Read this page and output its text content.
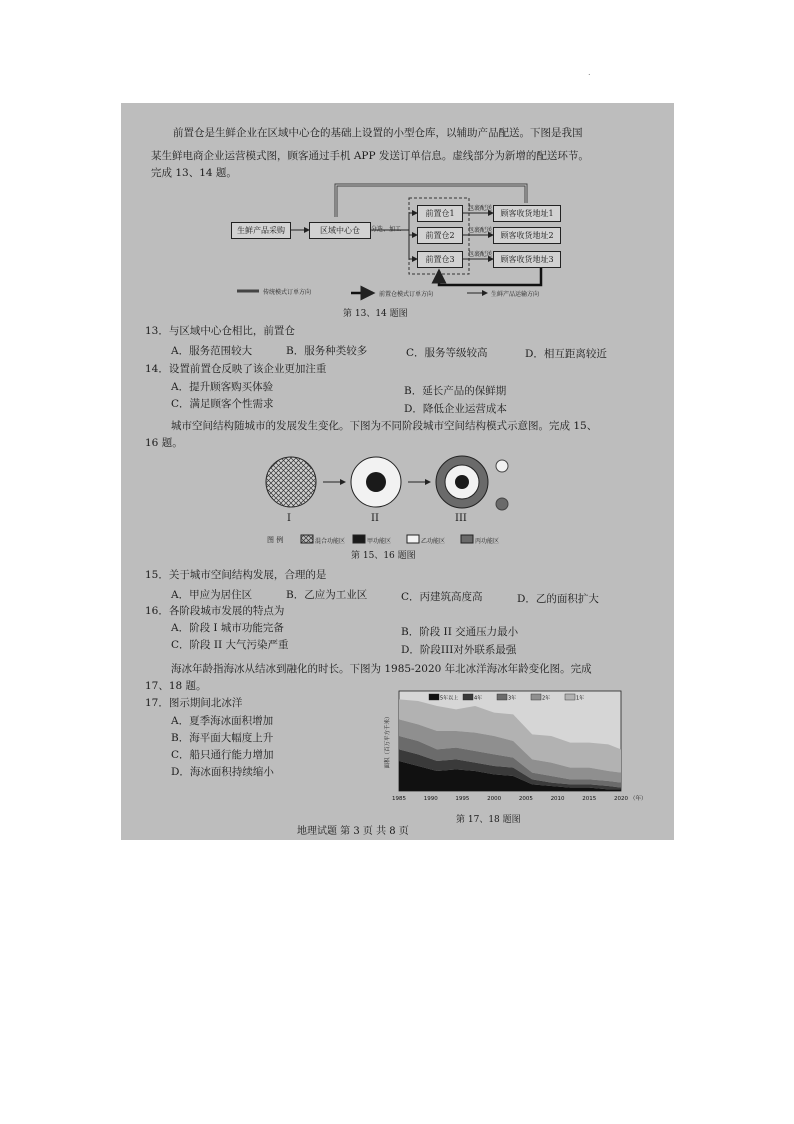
.
前置仓是生鲜企业在区域中心仓的基础上设置的小型仓库，以辅助产品配送。下图是我国
某生鲜电商企业运营模式图，顾客通过手机 APP 发送订单信息。虚线部分为新增的配送环节。
完成 13、14 题。
生鲜产品采购	区域中心仓	分选、加工
前置仓1
前置仓2
前置仓3
包裹配送
包裹配送
包裹配送
顾客收货地址1
顾客收货地址2
顾客收货地址3
传统模式订单方向	前置仓模式订单方向	生鲜产品运输方向
第 13、14 题图
13．与区域中心仓相比，前置仓
A．服务范围较大	B．服务种类较多	C．服务等级较高	D．相互距离较近
14．设置前置仓反映了该企业更加注重
A．提升顾客购买体验	B．延长产品的保鲜期
C．满足顾客个性需求	D．降低企业运营成本
城市空间结构随城市的发展发生变化。下图为不同阶段城市空间结构模式示意图。完成 15、
16 题。
I	II	III
图 例	混合功能区	甲功能区	乙功能区	丙功能区
第 15、16 题图
15．关于城市空间结构发展，合理的是
A．甲应为居住区	B．乙应为工业区	C．丙建筑高度高	D．乙的面积扩大
16．各阶段城市发展的特点为
A．阶段 I 城市功能完备	B．阶段 II 交通压力最小
C．阶段 II 大气污染严重	D．阶段III对外联系最强
海冰年龄指海冰从结冰到融化的时长。下图为 1985-2020 年北冰洋海冰年龄变化图。完成
17、18 题。
17．图示期间北冰洋
A．夏季海冰面积增加
B．海平面大幅度上升
C．船只通行能力增加
D．海冰面积持续缩小
1985	1990	1995	2000	2005	2010	2015	2020 （年）
面积（百万平方千米）
5年以上	4年	3年	2年	1年
第 17、18 题图
地理试题 第 3 页 共 8 页
